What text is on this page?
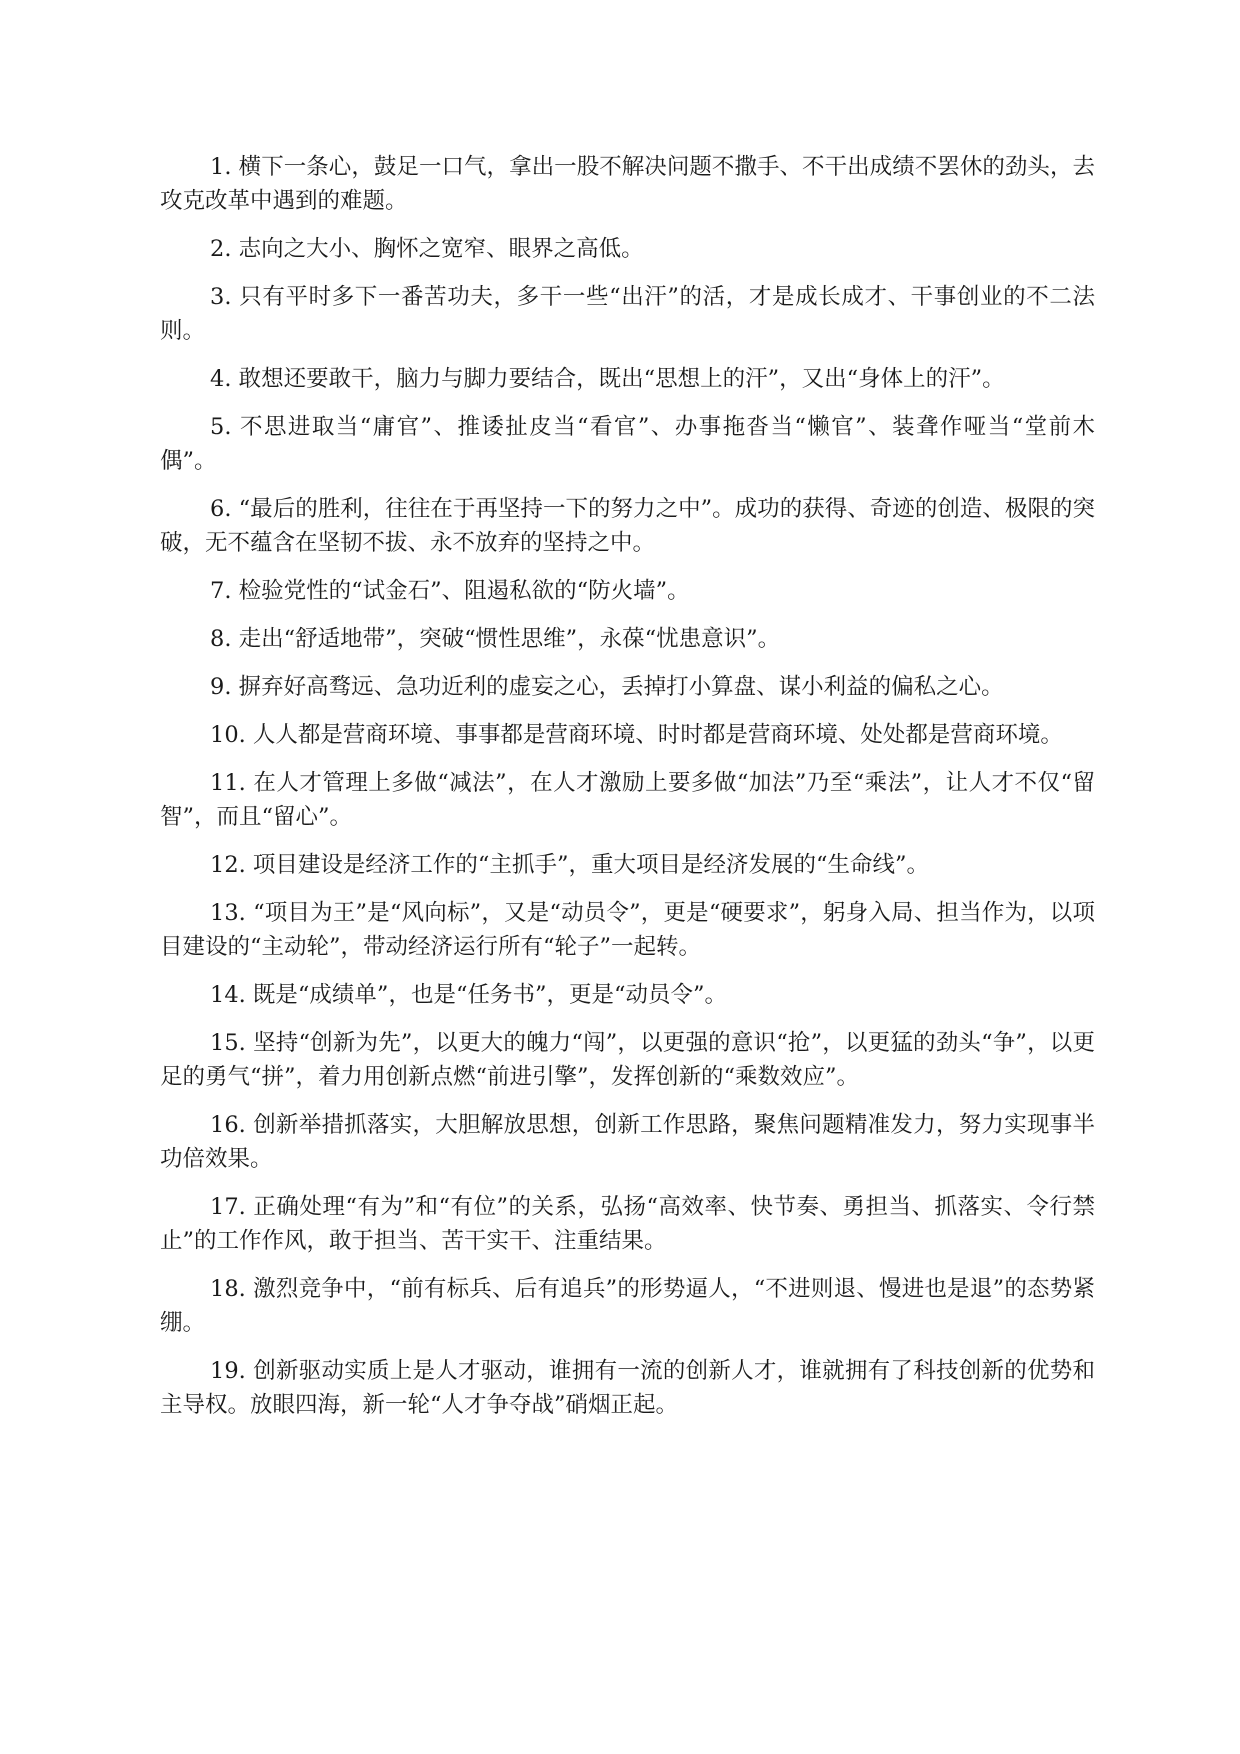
1. 横下一条心，鼓足一口气，拿出一股不解决问题不撒手、不干出成绩不罢休的劲头，去攻克改革中遇到的难题。

2. 志向之大小、胸怀之宽窄、眼界之高低。

3. 只有平时多下一番苦功夫，多干一些“出汗”的活，才是成长成才、干事创业的不二法则。

4. 敢想还要敢干，脑力与脚力要结合，既出“思想上的汗”，又出“身体上的汗”。

5. 不思进取当“庸官”、推诿扯皮当“看官”、办事拖沓当“懒官”、装聋作哑当“堂前木偶”。

6. “最后的胜利，往往在于再坚持一下的努力之中”。成功的获得、奇迹的创造、极限的突破，无不蕴含在坚韧不拔、永不放弃的坚持之中。

7. 检验党性的“试金石”、阻遏私欲的“防火墙”。

8. 走出“舒适地带”，突破“惯性思维”，永葆“忧患意识”。

9. 摒弃好高骛远、急功近利的虚妄之心，丢掉打小算盘、谋小利益的偏私之心。

10. 人人都是营商环境、事事都是营商环境、时时都是营商环境、处处都是营商环境。

11. 在人才管理上多做“减法”，在人才激励上要多做“加法”乃至“乘法”，让人才不仅“留智”，而且“留心”。

12. 项目建设是经济工作的“主抓手”，重大项目是经济发展的“生命线”。

13. “项目为王”是“风向标”，又是“动员令”，更是“硬要求”，躬身入局、担当作为，以项目建设的“主动轮”，带动经济运行所有“轮子”一起转。

14. 既是“成绩单”，也是“任务书”，更是“动员令”。

15. 坚持“创新为先”，以更大的魄力“闯”，以更强的意识“抢”，以更猛的劲头“争”，以更足的勇气“拼”，着力用创新点燃“前进引擎”，发挥创新的“乘数效应”。

16. 创新举措抓落实，大胆解放思想，创新工作思路，聚焦问题精准发力，努力实现事半功倍效果。

17. 正确处理“有为”和“有位”的关系，弘扬“高效率、快节奏、勇担当、抓落实、令行禁止”的工作作风，敢于担当、苦干实干、注重结果。

18. 激烈竞争中，“前有标兵、后有追兵”的形势逼人，“不进则退、慢进也是退”的态势紧绷。

19. 创新驱动实质上是人才驱动，谁拥有一流的创新人才，谁就拥有了科技创新的优势和主导权。放眼四海，新一轮“人才争夺战”硝烟正起。
